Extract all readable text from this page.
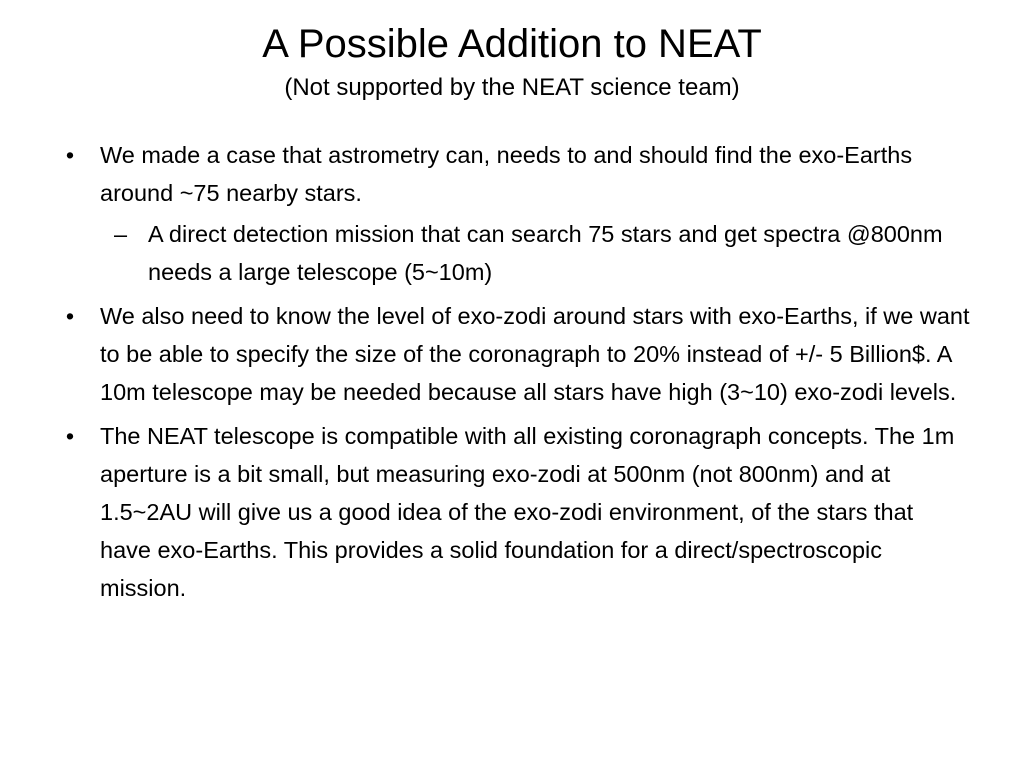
A Possible Addition to NEAT
(Not supported by the NEAT science team)
• We made a case that astrometry can, needs to and should find the exo-Earths around ~75 nearby stars.
– A direct detection mission that can search 75 stars and get spectra @800nm needs a large telescope (5~10m)
• We also need to know the level of exo-zodi around stars with exo-Earths, if we want to be able to specify the size of the coronagraph to 20% instead of +/- 5 Billion$. A 10m telescope may be needed because all stars have high (3~10) exo-zodi levels.
• The NEAT telescope is compatible with all existing coronagraph concepts. The 1m aperture is a bit small, but measuring exo-zodi at 500nm (not 800nm) and at 1.5~2AU will give us a good idea of the exo-zodi environment, of the stars that have exo-Earths. This provides a solid foundation for a direct/spectroscopic mission.
